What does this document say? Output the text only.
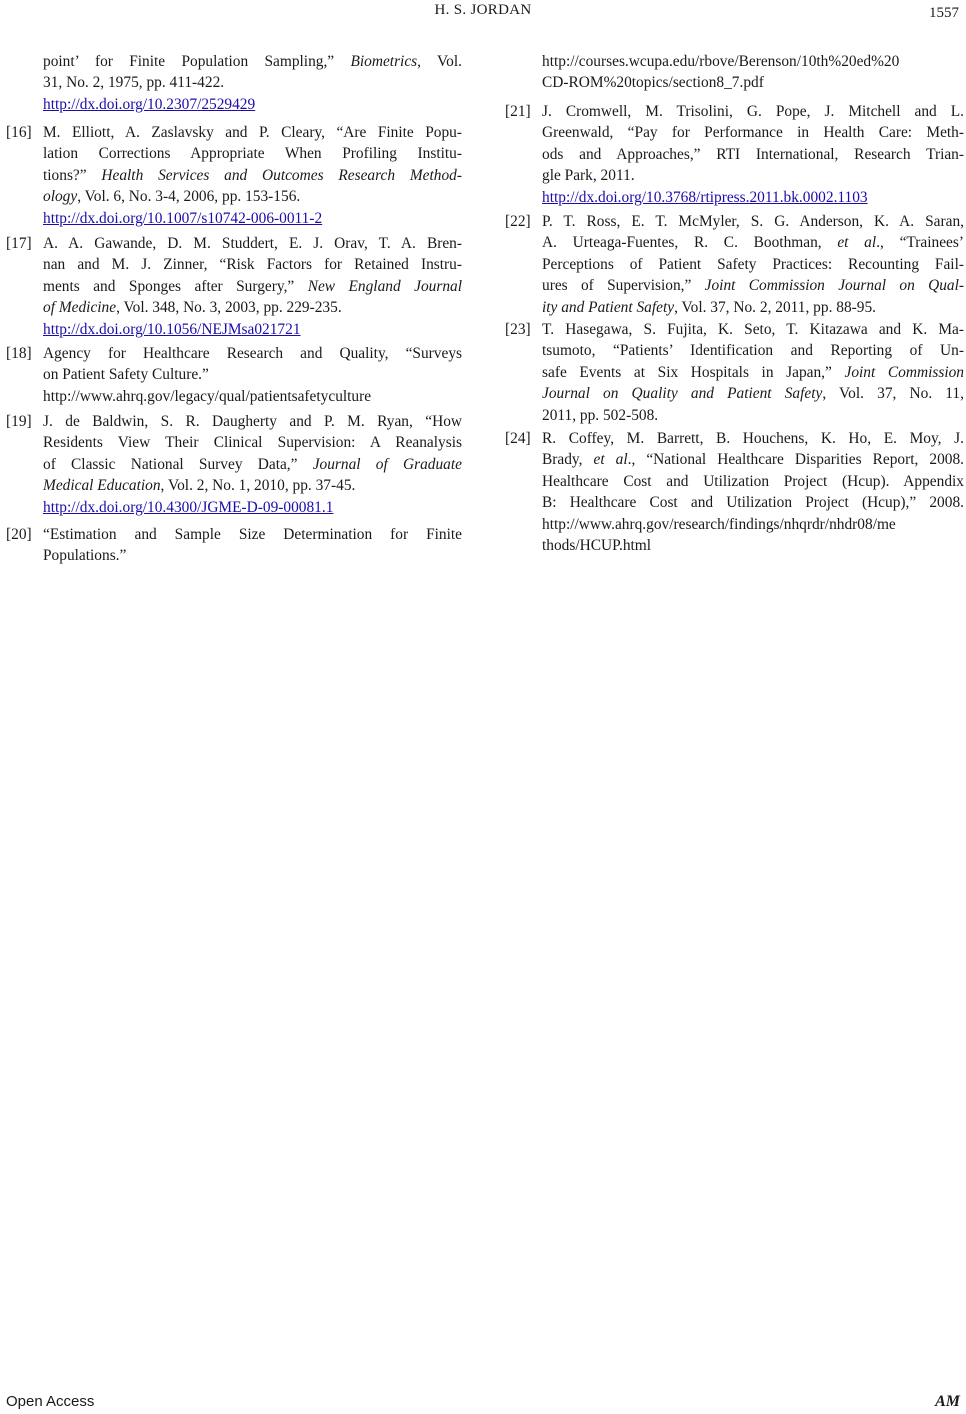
H. S. JORDAN	1557
point’ for Finite Population Sampling,” Biometrics, Vol.
31, No. 2, 1975, pp. 411-422.
http://dx.doi.org/10.2307/2529429
[16] M. Elliott, A. Zaslavsky and P. Cleary, “Are Finite Popu-
lation Corrections Appropriate When Profiling Institu-
tions?” Health Services and Outcomes Research Method-
ology, Vol. 6, No. 3-4, 2006, pp. 153-156.
http://dx.doi.org/10.1007/s10742-006-0011-2
[17] A. A. Gawande, D. M. Studdert, E. J. Orav, T. A. Bren-
nan and M. J. Zinner, “Risk Factors for Retained Instru-
ments and Sponges after Surgery,” New England Journal
of Medicine, Vol. 348, No. 3, 2003, pp. 229-235.
http://dx.doi.org/10.1056/NEJMsa021721
[18] Agency for Healthcare Research and Quality, “Surveys
on Patient Safety Culture.”
http://www.ahrq.gov/legacy/qual/patientsafetyculture
[19] J. de Baldwin, S. R. Daugherty and P. M. Ryan, “How
Residents View Their Clinical Supervision: A Reanalysis
of Classic National Survey Data,” Journal of Graduate
Medical Education, Vol. 2, No. 1, 2010, pp. 37-45.
http://dx.doi.org/10.4300/JGME-D-09-00081.1
[20] “Estimation and Sample Size Determination for Finite
Populations.”
http://courses.wcupa.edu/rbove/Berenson/10th%20ed%20
CD-ROM%20topics/section8_7.pdf
[21] J. Cromwell, M. Trisolini, G. Pope, J. Mitchell and L.
Greenwald, “Pay for Performance in Health Care: Meth-
ods and Approaches,” RTI International, Research Trian-
gle Park, 2011.
http://dx.doi.org/10.3768/rtipress.2011.bk.0002.1103
[22] P. T. Ross, E. T. McMyler, S. G. Anderson, K. A. Saran,
A. Urteaga-Fuentes, R. C. Boothman, et al., “Trainees’
Perceptions of Patient Safety Practices: Recounting Fail-
ures of Supervision,” Joint Commission Journal on Qual-
ity and Patient Safety, Vol. 37, No. 2, 2011, pp. 88-95.
[23] T. Hasegawa, S. Fujita, K. Seto, T. Kitazawa and K. Ma-
tsumoto, “Patients’ Identification and Reporting of Un-
safe Events at Six Hospitals in Japan,” Joint Commission
Journal on Quality and Patient Safety, Vol. 37, No. 11,
2011, pp. 502-508.
[24] R. Coffey, M. Barrett, B. Houchens, K. Ho, E. Moy, J.
Brady, et al., “National Healthcare Disparities Report, 2008.
Healthcare Cost and Utilization Project (Hcup). Appendix
B: Healthcare Cost and Utilization Project (Hcup),” 2008.
http://www.ahrq.gov/research/findings/nhqrdr/nhdr08/me
thods/HCUP.html
Open Access	AM
